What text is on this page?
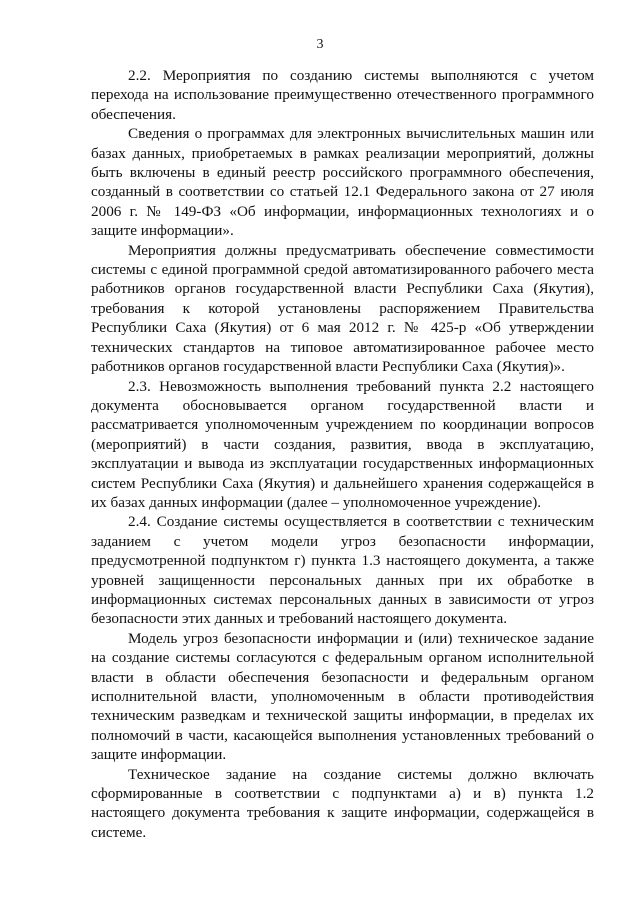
3

2.2. Мероприятия по созданию системы выполняются с учетом перехода на использование преимущественно отечественного программного обеспечения.

Сведения о программах для электронных вычислительных машин или базах данных, приобретаемых в рамках реализации мероприятий, должны быть включены в единый реестр российского программного обеспечения, созданный в соответствии со статьей 12.1 Федерального закона от 27 июля 2006 г. № 149-ФЗ «Об информации, информационных технологиях и о защите информации».

Мероприятия должны предусматривать обеспечение совместимости системы с единой программной средой автоматизированного рабочего места работников органов государственной власти Республики Саха (Якутия), требования к которой установлены распоряжением Правительства Республики Саха (Якутия) от 6 мая 2012 г. № 425-р «Об утверждении технических стандартов на типовое автоматизированное рабочее место работников органов государственной власти Республики Саха (Якутия)».

2.3. Невозможность выполнения требований пункта 2.2 настоящего документа обосновывается органом государственной власти и рассматривается уполномоченным учреждением по координации вопросов (мероприятий) в части создания, развития, ввода в эксплуатацию, эксплуатации и вывода из эксплуатации государственных информационных систем Республики Саха (Якутия) и дальнейшего хранения содержащейся в их базах данных информации (далее – уполномоченное учреждение).

2.4. Создание системы осуществляется в соответствии с техническим заданием с учетом модели угроз безопасности информации, предусмотренной подпунктом г) пункта 1.3 настоящего документа, а также уровней защищенности персональных данных при их обработке в информационных системах персональных данных в зависимости от угроз безопасности этих данных и требований настоящего документа.

Модель угроз безопасности информации и (или) техническое задание на создание системы согласуются с федеральным органом исполнительной власти в области обеспечения безопасности и федеральным органом исполнительной власти, уполномоченным в области противодействия техническим разведкам и технической защиты информации, в пределах их полномочий в части, касающейся выполнения установленных требований о защите информации.

Техническое задание на создание системы должно включать сформированные в соответствии с подпунктами а) и в) пункта 1.2 настоящего документа требования к защите информации, содержащейся в системе.
